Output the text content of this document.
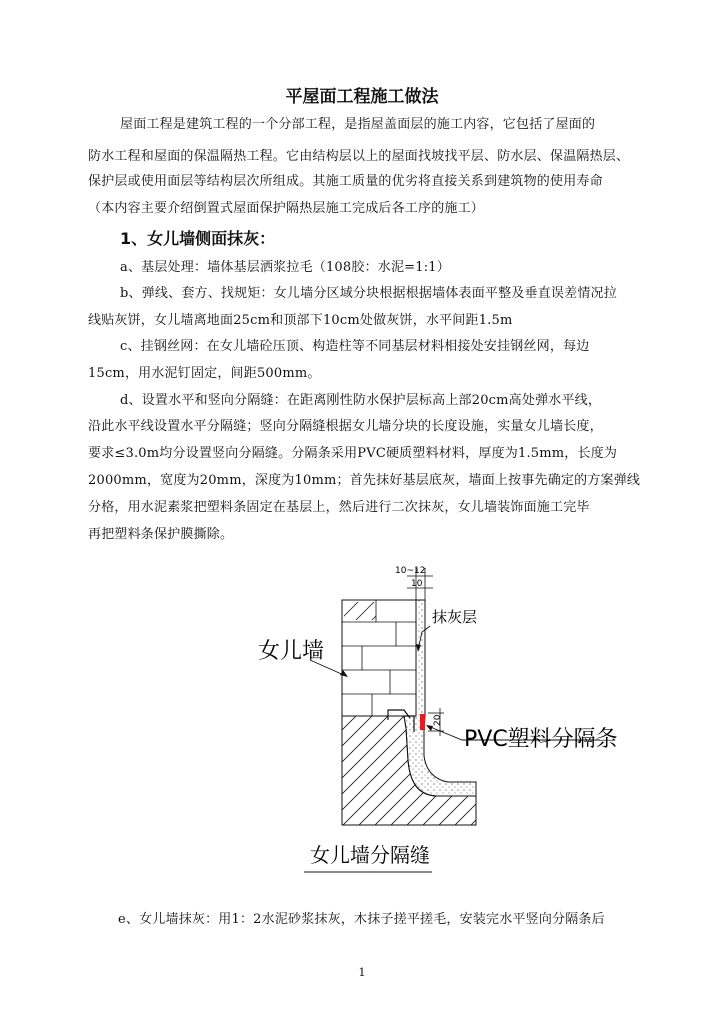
平屋面工程施工做法
屋面工程是建筑工程的一个分部工程，是指屋盖面层的施工内容，它包括了屋面的
防水工程和屋面的保温隔热工程。它由结构层以上的屋面找坡找平层、防水层、保温隔热层、
保护层或使用面层等结构层次所组成。其施工质量的优劣将直接关系到建筑物的使用寿命
（本内容主要介绍倒置式屋面保护隔热层施工完成后各工序的施工）
1、女儿墙侧面抹灰：
a、基层处理：墙体基层洒浆拉毛（108胶：水泥=1:1）
b、弹线、套方、找规矩：女儿墙分区域分块根据根据墙体表面平整及垂直误差情况拉
线贴灰饼，女儿墙离地面25cm和顶部下10cm处做灰饼，水平间距1.5m
c、挂钢丝网：在女儿墙砼压顶、构造柱等不同基层材料相接处安挂钢丝网，每边
15cm，用水泥钉固定，间距500mm。
d、设置水平和竖向分隔缝：在距离刚性防水保护层标高上部20cm高处弹水平线，
沿此水平线设置水平分隔缝；竖向分隔缝根据女儿墙分块的长度设施，实量女儿墙长度，
要求≤3.0m均分设置竖向分隔缝。分隔条采用PVC硬质塑料材料，厚度为1.5mm，长度为
2000mm，宽度为20mm，深度为10mm；首先抹好基层底灰，墙面上按事先确定的方案弹线
分格，用水泥素浆把塑料条固定在基层上，然后进行二次抹灰，女儿墙装饰面施工完毕
再把塑料条保护膜撕除。
10~12
10
20
抹灰层
女儿墙
PVC塑料分隔条
女儿墙分隔缝
e、女儿墙抹灰：用1：2水泥砂浆抹灰，木抹子搓平搓毛，安装完水平竖向分隔条后
1
